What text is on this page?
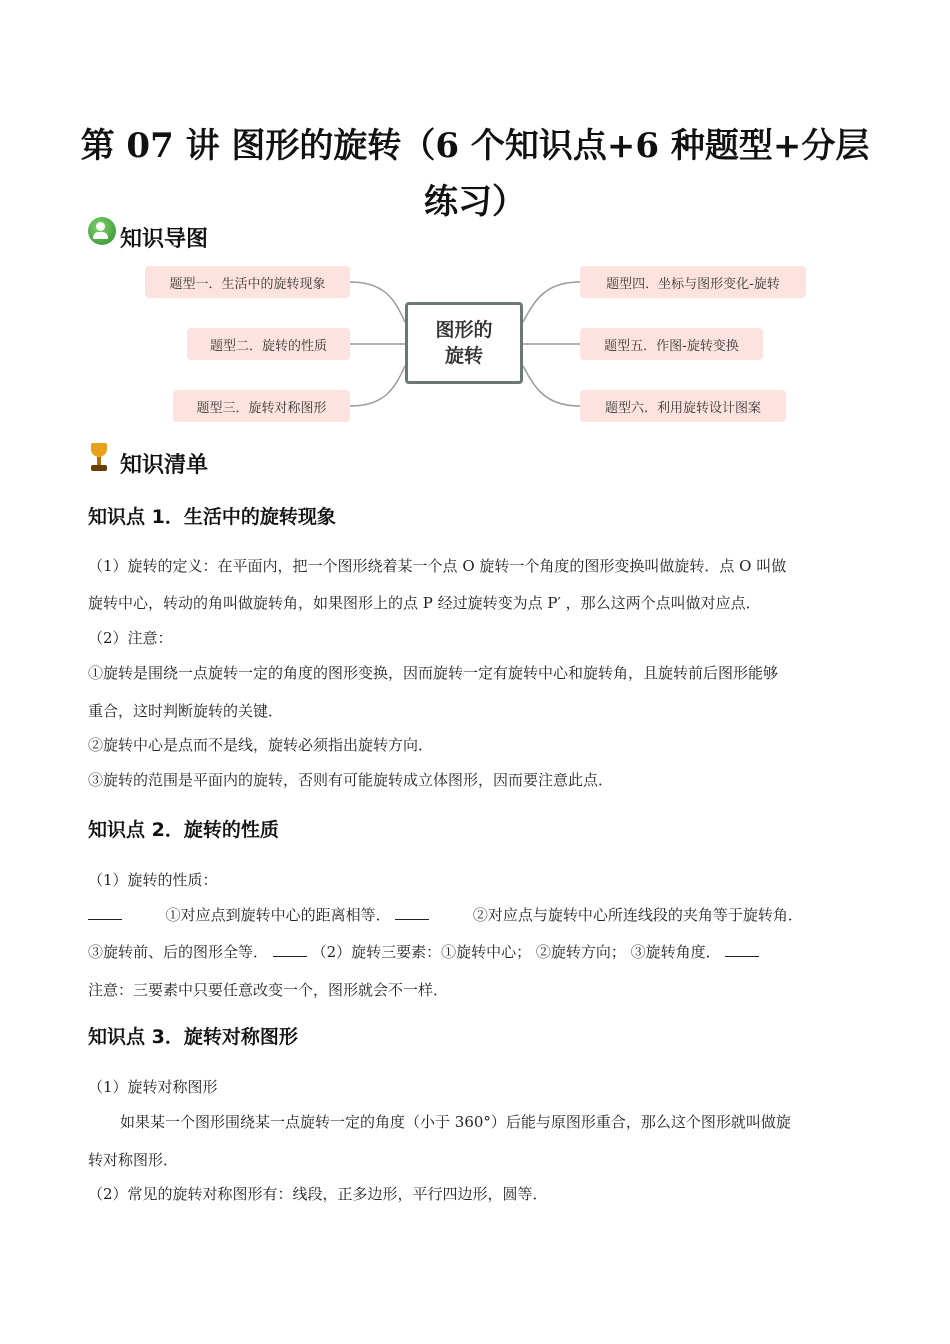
第 07 讲 图形的旋转（6 个知识点+6 种题型+分层
练习）
知识导图
题型一．生活中的旋转现象
题型二．旋转的性质
题型三．旋转对称图形
题型四．坐标与图形变化-旋转
题型五．作图-旋转变换
题型六．利用旋转设计图案
图形的旋转
知识清单
知识点 1．生活中的旋转现象
（1）旋转的定义：在平面内，把一个图形绕着某一个点 O 旋转一个角度的图形变换叫做旋转．点 O 叫做
旋转中心，转动的角叫做旋转角，如果图形上的点 P 经过旋转变为点 P′ ，那么这两个点叫做对应点．
（2）注意：
①旋转是围绕一点旋转一定的角度的图形变换，因而旋转一定有旋转中心和旋转角，且旋转前后图形能够
重合，这时判断旋转的关键．
②旋转中心是点而不是线，旋转必须指出旋转方向．
③旋转的范围是平面内的旋转，否则有可能旋转成立体图形，因而要注意此点．
知识点 2．旋转的性质
（1）旋转的性质：
①对应点到旋转中心的距离相等．	②对应点与旋转中心所连线段的夹角等于旋转角．
③旋转前、后的图形全等．	（2）旋转三要素：①旋转中心； ②旋转方向； ③旋转角度．
注意：三要素中只要任意改变一个，图形就会不一样．
知识点 3．旋转对称图形
（1）旋转对称图形
如果某一个图形围绕某一点旋转一定的角度（小于 360°）后能与原图形重合，那么这个图形就叫做旋
转对称图形．
（2）常见的旋转对称图形有：线段，正多边形，平行四边形，圆等．
